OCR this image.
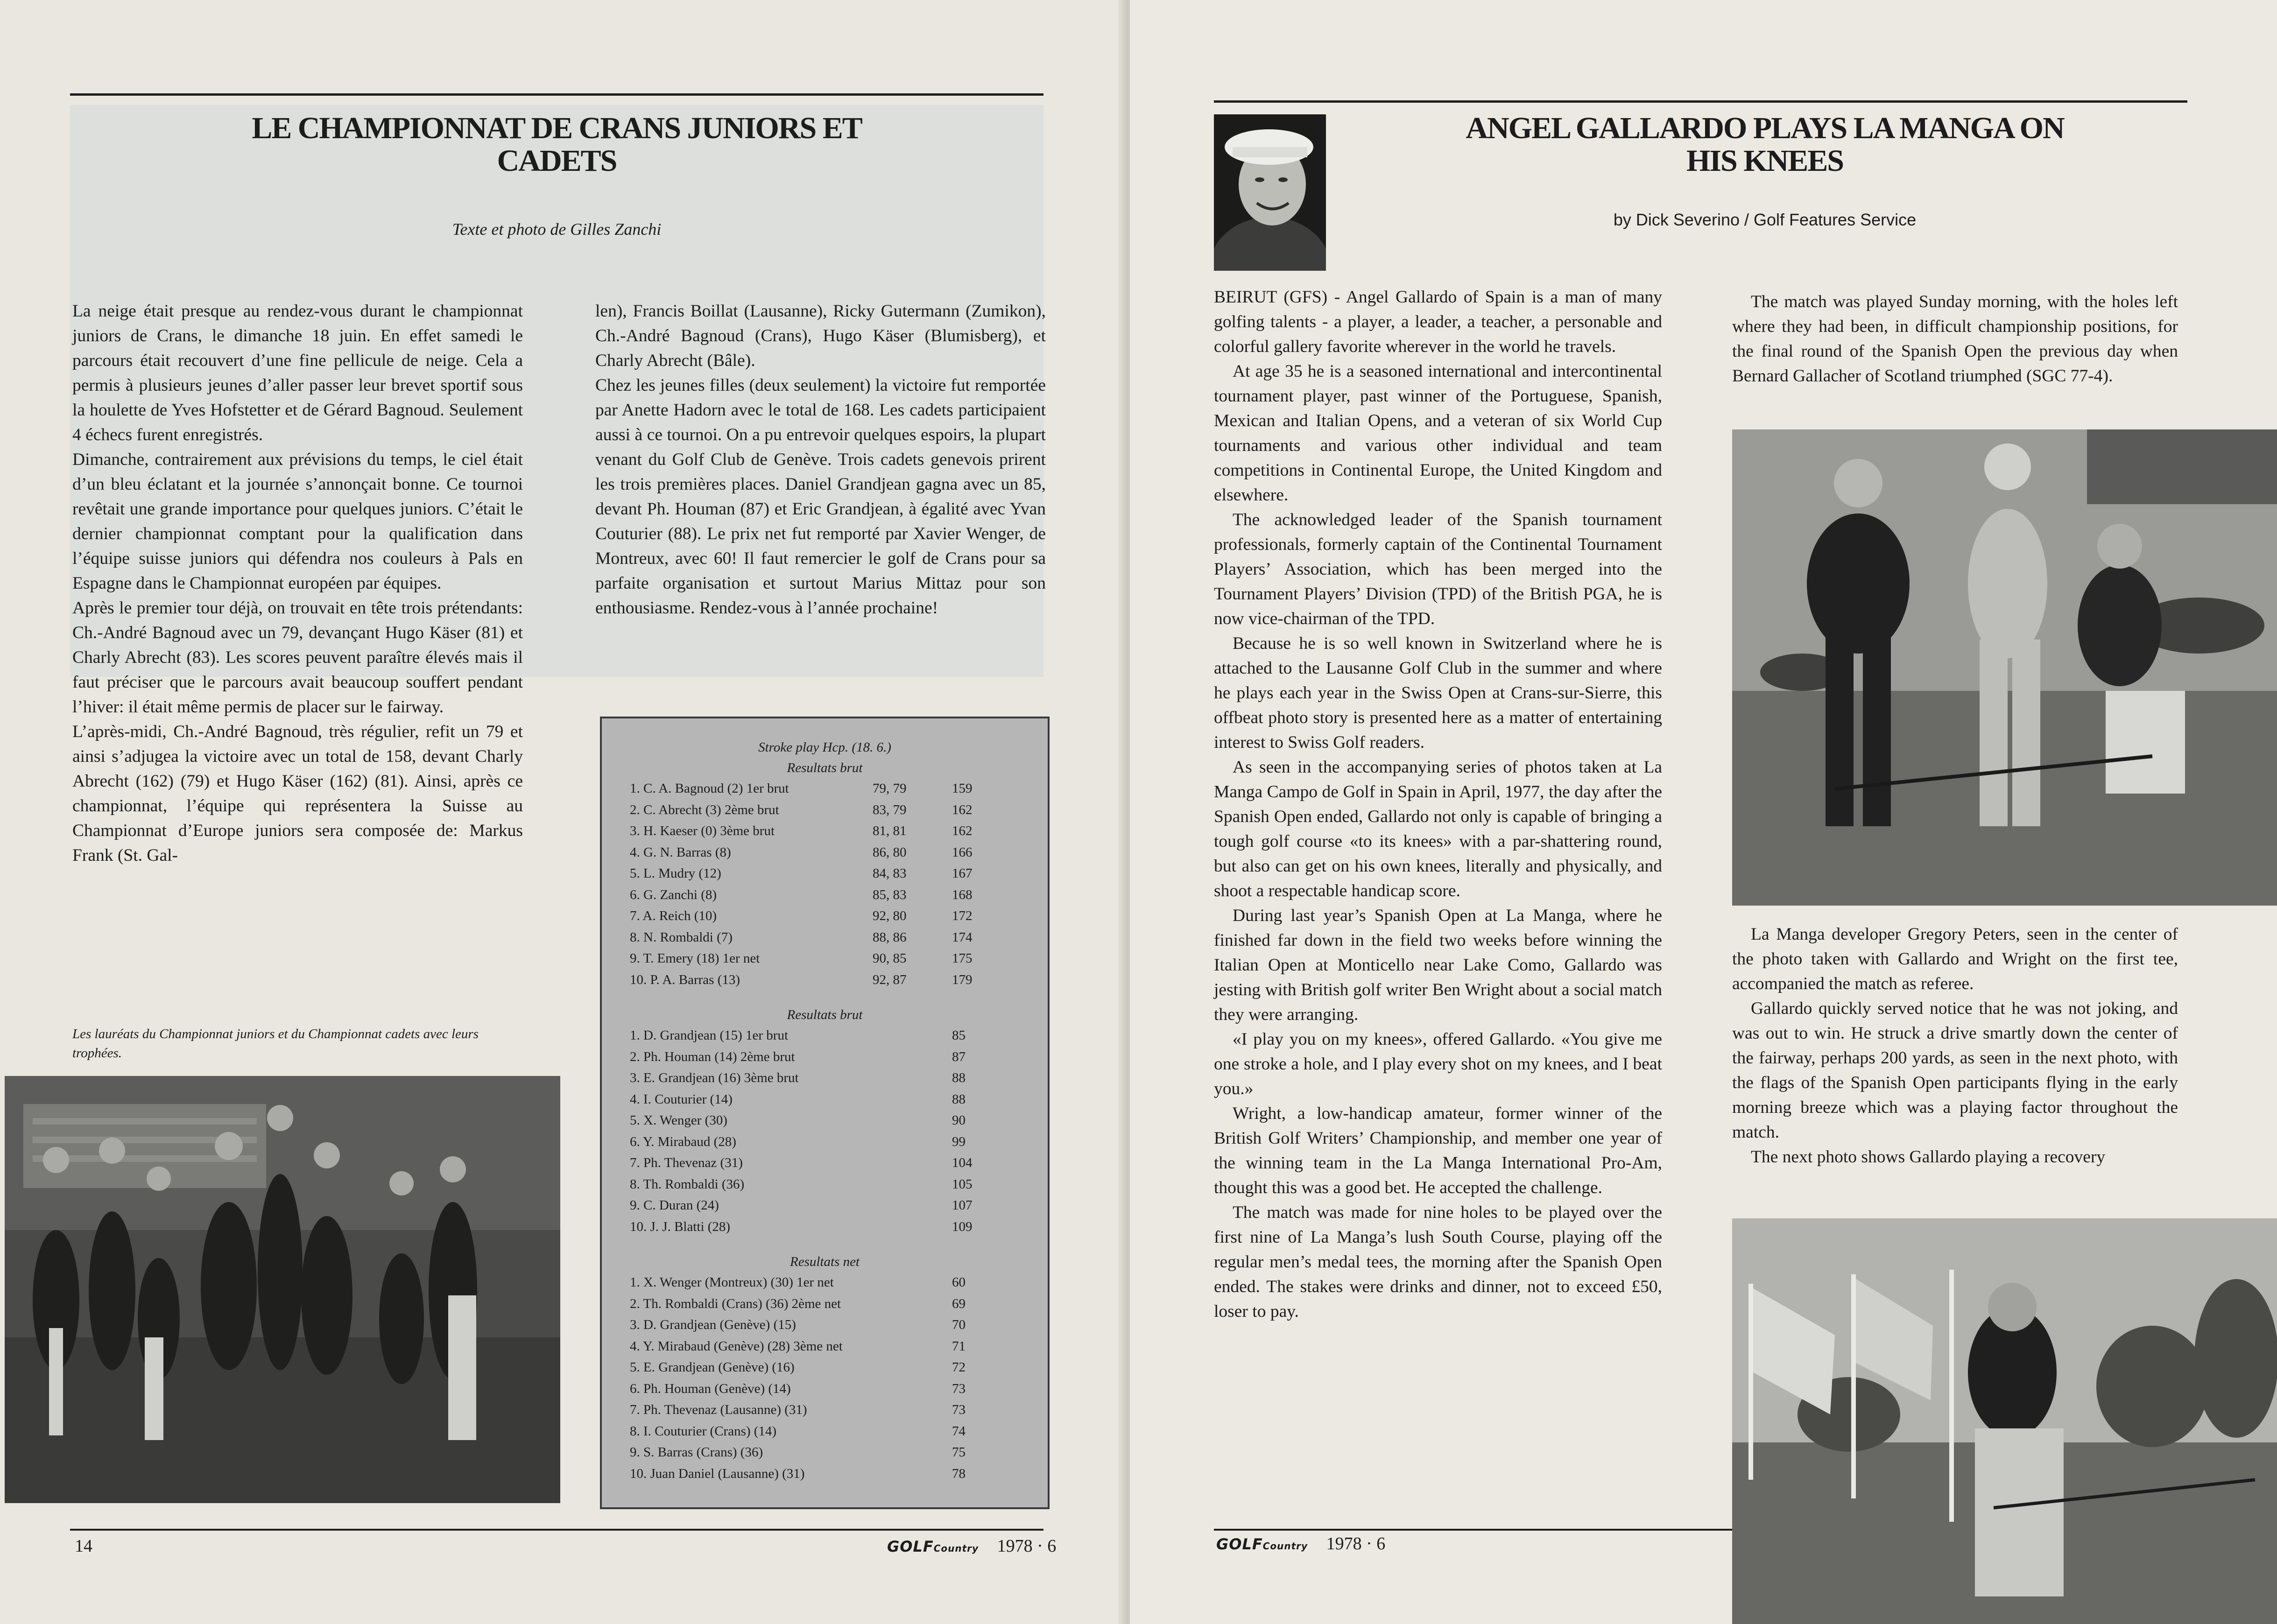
LE CHAMPIONNAT DE CRANS JUNIORS ET
CADETS
Texte et photo de Gilles Zanchi

La neige était presque au rendez-vous durant le championnat juniors de Crans, le dimanche 18 juin. En effet samedi le parcours était recouvert d’une fine pellicule de neige. Cela a permis à plusieurs jeunes d’aller passer leur brevet sportif sous la houlette de Yves Hofstetter et de Gérard Bagnoud. Seulement 4 échecs furent enregistrés.

Dimanche, contrairement aux prévisions du temps, le ciel était d’un bleu éclatant et la journée s’annonçait bonne. Ce tournoi revêtait une grande importance pour quelques juniors. C’était le dernier championnat comptant pour la qualification dans l’équipe suisse juniors qui défendra nos couleurs à Pals en Espagne dans le Championnat européen par équipes.

Après le premier tour déjà, on trouvait en tête trois prétendants: Ch.-André Bagnoud avec un 79, devançant Hugo Käser (81) et Charly Abrecht (83). Les scores peuvent paraître élevés mais il faut préciser que le parcours avait beaucoup souffert pendant l’hiver: il était même permis de placer sur le fairway.

L’après-midi, Ch.-André Bagnoud, très régulier, refit un 79 et ainsi s’adjugea la victoire avec un total de 158, devant Charly Abrecht (162) (79) et Hugo Käser (162) (81). Ainsi, après ce championnat, l’équipe qui représentera la Suisse au Championnat d’Europe juniors sera composée de: Markus Frank (St. Gal-

len), Francis Boillat (Lausanne), Ricky Gutermann (Zumikon), Ch.-André Bagnoud (Crans), Hugo Käser (Blumisberg), et Charly Abrecht (Bâle).

Chez les jeunes filles (deux seulement) la victoire fut remportée par Anette Hadorn avec le total de 168. Les cadets participaient aussi à ce tournoi. On a pu entrevoir quelques espoirs, la plupart venant du Golf Club de Genève. Trois cadets genevois prirent les trois premières places. Daniel Grandjean gagna avec un 85, devant Ph. Houman (87) et Eric Grandjean, à égalité avec Yvan Couturier (88). Le prix net fut remporté par Xavier Wenger, de Montreux, avec 60! Il faut remercier le golf de Crans pour sa parfaite organisation et surtout Marius Mittaz pour son enthousiasme. Rendez-vous à l’année prochaine!

Les lauréats du Championnat juniors et du Championnat cadets avec leurs trophées.
Stroke play Hcp. (18. 6.)
Resultats brut
1. C. A. Bagnoud (2) 1er brut	79, 79	159
2. C. Abrecht (3) 2ème brut	83, 79	162
3. H. Kaeser (0) 3ème brut	81, 81	162
4. G. N. Barras (8)	86, 80	166
5. L. Mudry (12)	84, 83	167
6. G. Zanchi (8)	85, 83	168
7. A. Reich (10)	92, 80	172
8. N. Rombaldi (7)	88, 86	174
9. T. Emery (18) 1er net	90, 85	175
10. P. A. Barras (13)	92, 87	179
Resultats brut
1. D. Grandjean (15) 1er brut	85
2. Ph. Houman (14) 2ème brut	87
3. E. Grandjean (16) 3ème brut	88
4. I. Couturier (14)	88
5. X. Wenger (30)	90
6. Y. Mirabaud (28)	99
7. Ph. Thevenaz (31)	104
8. Th. Rombaldi (36)	105
9. C. Duran (24)	107
10. J. J. Blatti (28)	109
Resultats net
1. X. Wenger (Montreux) (30) 1er net	60
2. Th. Rombaldi (Crans) (36) 2ème net	69
3. D. Grandjean (Genève) (15)	70
4. Y. Mirabaud (Genève) (28) 3ème net	71
5. E. Grandjean (Genève) (16)	72
6. Ph. Houman (Genève) (14)	73
7. Ph. Thevenaz (Lausanne) (31)	73
8. I. Couturier (Crans) (14)	74
9. S. Barras (Crans) (36)	75
10. Juan Daniel (Lausanne) (31)	78
14	GOLFCountry 1978 · 6
ANGEL GALLARDO PLAYS LA MANGA ON
HIS KNEES
by Dick Severino / Golf Features Service

BEIRUT (GFS) - Angel Gallardo of Spain is a man of many golfing talents - a player, a leader, a teacher, a personable and colorful gallery favorite wherever in the world he travels.

At age 35 he is a seasoned international and intercontinental tournament player, past winner of the Portuguese, Spanish, Mexican and Italian Opens, and a veteran of six World Cup tournaments and various other individual and team competitions in Continental Europe, the United Kingdom and elsewhere.

The acknowledged leader of the Spanish tournament professionals, formerly captain of the Continental Tournament Players’ Association, which has been merged into the Tournament Players’ Division (TPD) of the British PGA, he is now vice-chairman of the TPD.

Because he is so well known in Switzerland where he is attached to the Lausanne Golf Club in the summer and where he plays each year in the Swiss Open at Crans-sur-Sierre, this offbeat photo story is presented here as a matter of entertaining interest to Swiss Golf readers.

As seen in the accompanying series of photos taken at La Manga Campo de Golf in Spain in April, 1977, the day after the Spanish Open ended, Gallardo not only is capable of bringing a tough golf course «to its knees» with a par-shattering round, but also can get on his own knees, literally and physically, and shoot a respectable handicap score.

During last year’s Spanish Open at La Manga, where he finished far down in the field two weeks before winning the Italian Open at Monticello near Lake Como, Gallardo was jesting with British golf writer Ben Wright about a social match they were arranging.

«I play you on my knees», offered Gallardo. «You give me one stroke a hole, and I play every shot on my knees, and I beat you.»

Wright, a low-handicap amateur, former winner of the British Golf Writers’ Championship, and member one year of the winning team in the La Manga International Pro-Am, thought this was a good bet. He accepted the challenge.

The match was made for nine holes to be played over the first nine of La Manga’s lush South Course, playing off the regular men’s medal tees, the morning after the Spanish Open ended. The stakes were drinks and dinner, not to exceed £50, loser to pay.

The match was played Sunday morning, with the holes left where they had been, in difficult championship positions, for the final round of the Spanish Open the previous day when Bernard Gallacher of Scotland triumphed (SGC 77-4).

La Manga developer Gregory Peters, seen in the center of the photo taken with Gallardo and Wright on the first tee, accompanied the match as referee.

Gallardo quickly served notice that he was not joking, and was out to win. He struck a drive smartly down the center of the fairway, perhaps 200 yards, as seen in the next photo, with the flags of the Spanish Open participants flying in the early morning breeze which was a playing factor throughout the match.

The next photo shows Gallardo playing a recovery

GOLFCountry 1978 · 6
